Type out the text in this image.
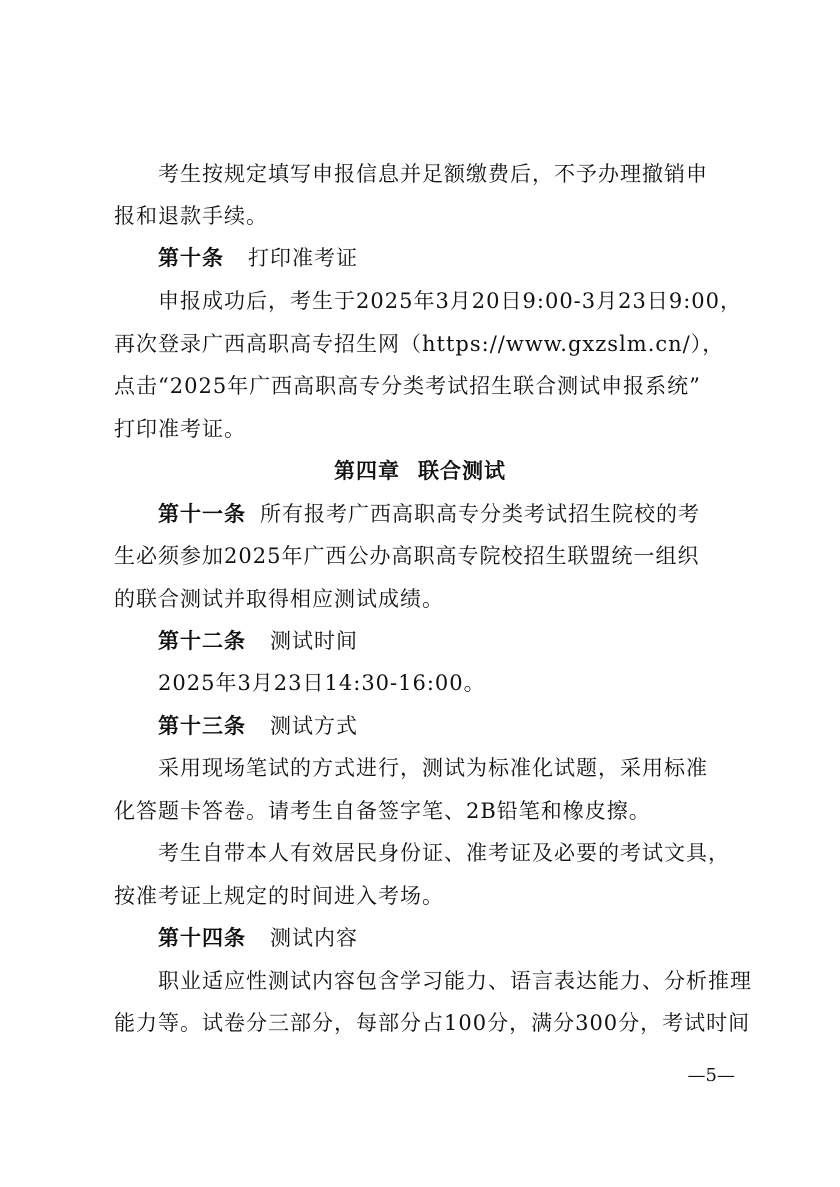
考生按规定填写申报信息并足额缴费后，不予办理撤销申
报和退款手续。
第十条 打印准考证
申报成功后，考生于2025年3月20日9:00-3月23日9:00，
再次登录广西高职高专招生网（https://www.gxzslm.cn/），
点击“2025年广西高职高专分类考试招生联合测试申报系统”
打印准考证。
第四章 联合测试
第十一条 所有报考广西高职高专分类考试招生院校的考
生必须参加2025年广西公办高职高专院校招生联盟统一组织
的联合测试并取得相应测试成绩。
第十二条 测试时间
2025年3月23日14:30-16:00。
第十三条 测试方式
采用现场笔试的方式进行，测试为标准化试题，采用标准
化答题卡答卷。请考生自备签字笔、2B铅笔和橡皮擦。
考生自带本人有效居民身份证、准考证及必要的考试文具，
按准考证上规定的时间进入考场。
第十四条 测试内容
职业适应性测试内容包含学习能力、语言表达能力、分析推理
能力等。试卷分三部分，每部分占100分，满分300分，考试时间
—5—
